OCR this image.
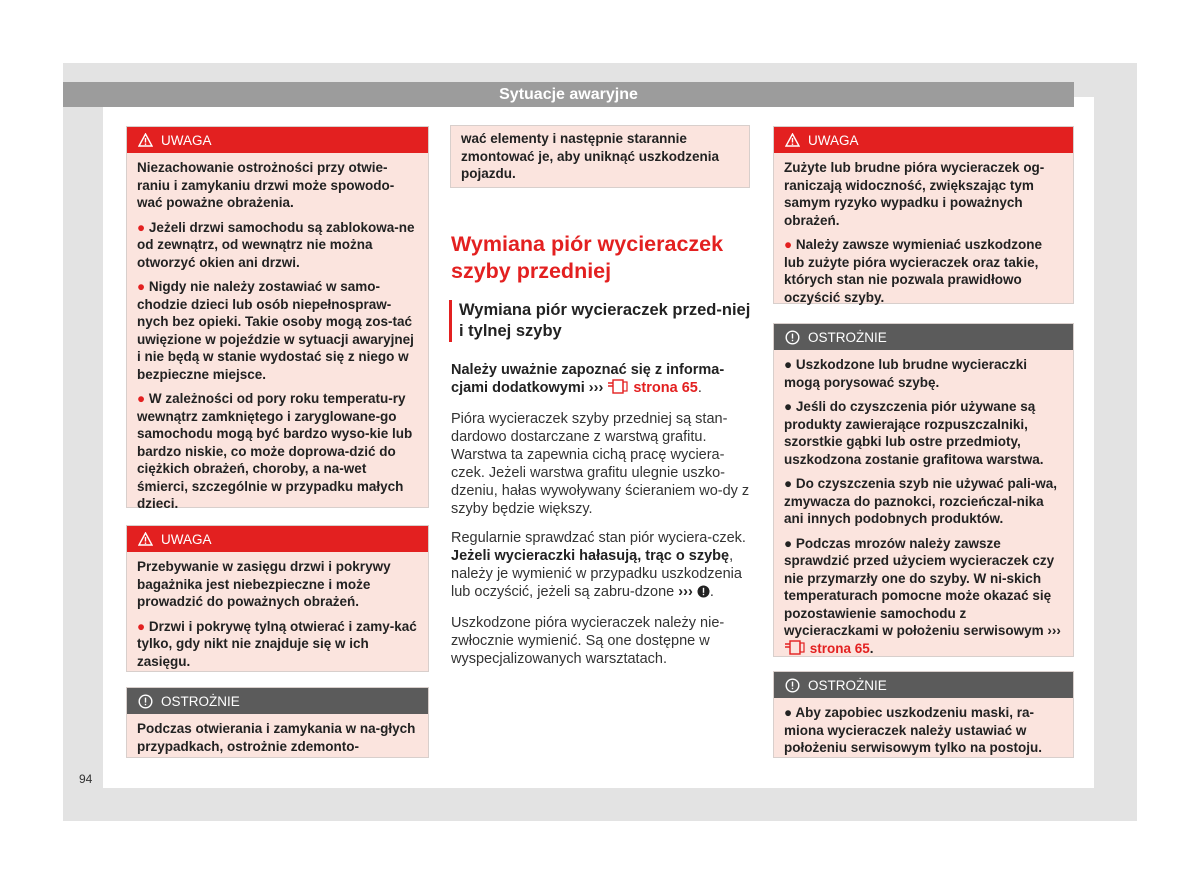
Sytuacje awaryjne
UWAGA

Niezachowanie ostrożności przy otwie-raniu i zamykaniu drzwi może spowodo-wać poważne obrażenia.

● Jeżeli drzwi samochodu są zablokowa-ne od zewnątrz, od wewnątrz nie można otworzyć okien ani drzwi.

● Nigdy nie należy zostawiać w samo-chodzie dzieci lub osób niepełnospraw-nych bez opieki. Takie osoby mogą zos-tać uwięzione w pojeździe w sytuacji awaryjnej i nie będą w stanie wydostać się z niego w bezpieczne miejsce.

● W zależności od pory roku temperatu-ry wewnątrz zamkniętego i zaryglowane-go samochodu mogą być bardzo wyso-kie lub bardzo niskie, co może doprowa-dzić do ciężkich obrażeń, choroby, a na-wet śmierci, szczególnie w przypadku małych dzieci.

UWAGA

Przebywanie w zasięgu drzwi i pokrywy bagażnika jest niebezpieczne i może prowadzić do poważnych obrażeń.

● Drzwi i pokrywę tylną otwierać i zamy-kać tylko, gdy nikt nie znajduje się w ich zasięgu.

OSTROŻNIE

Podczas otwierania i zamykania w na-głych przypadkach, ostrożnie zdemonto-

wać elementy i następnie starannie zmontować je, aby uniknąć uszkodzenia pojazdu.

Wymiana piór wycieraczek szyby przedniej
Wymiana piór wycieraczek przed-niej i tylnej szyby

Należy uważnie zapoznać się z informa-cjami dodatkowymi ››› strona 65.

Pióra wycieraczek szyby przedniej są stan-dardowo dostarczane z warstwą grafitu. Warstwa ta zapewnia cichą pracę wyciera-czek. Jeżeli warstwa grafitu ulegnie uszko-dzeniu, hałas wywoływany ścieraniem wo-dy z szyby będzie większy.

Regularnie sprawdzać stan piór wyciera-czek. Jeżeli wycieraczki hałasują, trąc o szybę, należy je wymienić w przypadku uszkodzenia lub oczyścić, jeżeli są zabru-dzone ››› .

Uszkodzone pióra wycieraczek należy nie-zwłocznie wymienić. Są one dostępne w wyspecjalizowanych warsztatach.

UWAGA

Zużyte lub brudne pióra wycieraczek og-raniczają widoczność, zwiększając tym samym ryzyko wypadku i poważnych obrażeń.

● Należy zawsze wymieniać uszkodzone lub zużyte pióra wycieraczek oraz takie, których stan nie pozwala prawidłowo oczyścić szyby.

OSTROŻNIE

● Uszkodzone lub brudne wycieraczki mogą porysować szybę.

● Jeśli do czyszczenia piór używane są produkty zawierające rozpuszczalniki, szorstkie gąbki lub ostre przedmioty, uszkodzona zostanie grafitowa warstwa.

● Do czyszczenia szyb nie używać pali-wa, zmywacza do paznokci, rozcieńczal-nika ani innych podobnych produktów.

● Podczas mrozów należy zawsze sprawdzić przed użyciem wycieraczek czy nie przymarzły one do szyby. W ni-skich temperaturach pomocne może okazać się pozostawienie samochodu z wycieraczkami w położeniu serwisowym ›››  strona 65.

OSTROŻNIE

● Aby zapobiec uszkodzeniu maski, ra-miona wycieraczek należy ustawiać w położeniu serwisowym tylko na postoju.

94
